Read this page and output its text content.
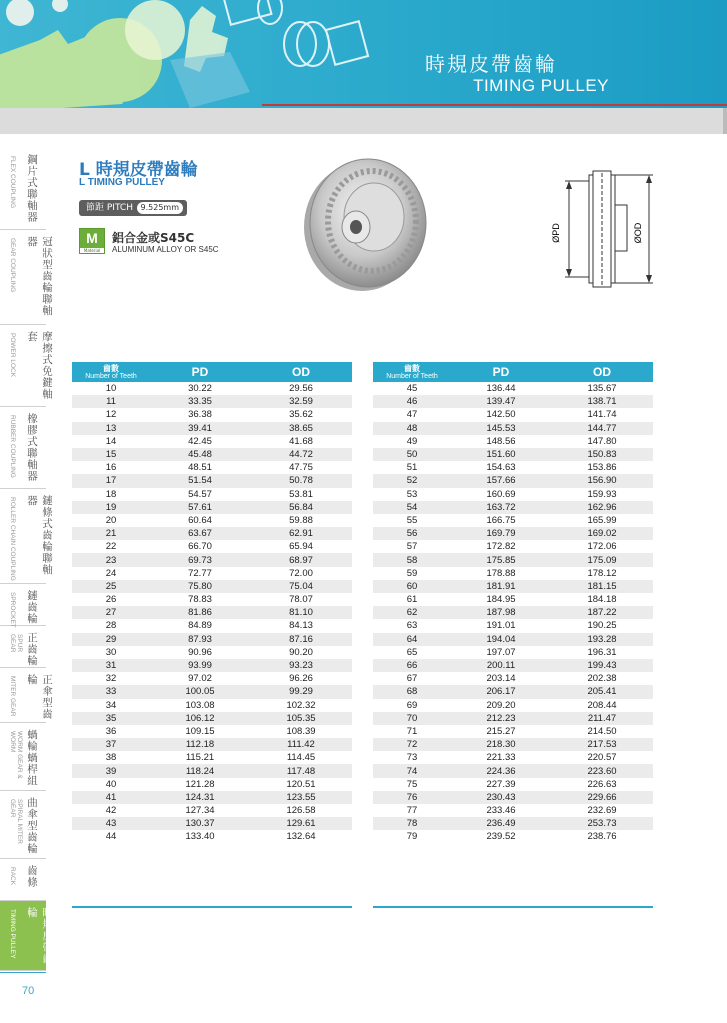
時規皮帶齒輪
TIMING PULLEY
鋼片式聯軸器
FLEX COUPLING
冠狀型齒輪聯軸器
GEAR COUPLING
摩擦式免鍵軸套
POWER LOCK
橡膠式聯軸器
RUBBER COUPLING
鏈條式齒輪聯軸器
ROLLER CHAIN COUPLING
鏈齒輪
SPROCKET
正齒輪
SPUR GEAR
正傘型齒輪
MITER GEAR
蝸輪蝸桿組
WORM GEAR & WORM
曲傘型齒輪
SPIRAL MITER GEAR
齒條
RACK
時規皮帶齒輪
TIMING PULLEY
70
L 時規皮帶齒輪
L TIMING PULLEY
節距 PITCH 9.525mm
M
Material
鋁合金或S45C
ALUMINUM ALLOY OR S45C
ØPD	ØOD
齒數
Number of Teeth	PD	OD
10	30.22	29.56
11	33.35	32.59
12	36.38	35.62
13	39.41	38.65
14	42.45	41.68
15	45.48	44.72
16	48.51	47.75
17	51.54	50.78
18	54.57	53.81
19	57.61	56.84
20	60.64	59.88
21	63.67	62.91
22	66.70	65.94
23	69.73	68.97
24	72.77	72.00
25	75.80	75.04
26	78.83	78.07
27	81.86	81.10
28	84.89	84.13
29	87.93	87.16
30	90.96	90.20
31	93.99	93.23
32	97.02	96.26
33	100.05	99.29
34	103.08	102.32
35	106.12	105.35
36	109.15	108.39
37	112.18	111.42
38	115.21	114.45
39	118.24	117.48
40	121.28	120.51
41	124.31	123.55
42	127.34	126.58
43	130.37	129.61
44	133.40	132.64
齒數
Number of Teeth	PD	OD
45	136.44	135.67
46	139.47	138.71
47	142.50	141.74
48	145.53	144.77
49	148.56	147.80
50	151.60	150.83
51	154.63	153.86
52	157.66	156.90
53	160.69	159.93
54	163.72	162.96
55	166.75	165.99
56	169.79	169.02
57	172.82	172.06
58	175.85	175.09
59	178.88	178.12
60	181.91	181.15
61	184.95	184.18
62	187.98	187.22
63	191.01	190.25
64	194.04	193.28
65	197.07	196.31
66	200.11	199.43
67	203.14	202.38
68	206.17	205.41
69	209.20	208.44
70	212.23	211.47
71	215.27	214.50
72	218.30	217.53
73	221.33	220.57
74	224.36	223.60
75	227.39	226.63
76	230.43	229.66
77	233.46	232.69
78	236.49	253.73
79	239.52	238.76
